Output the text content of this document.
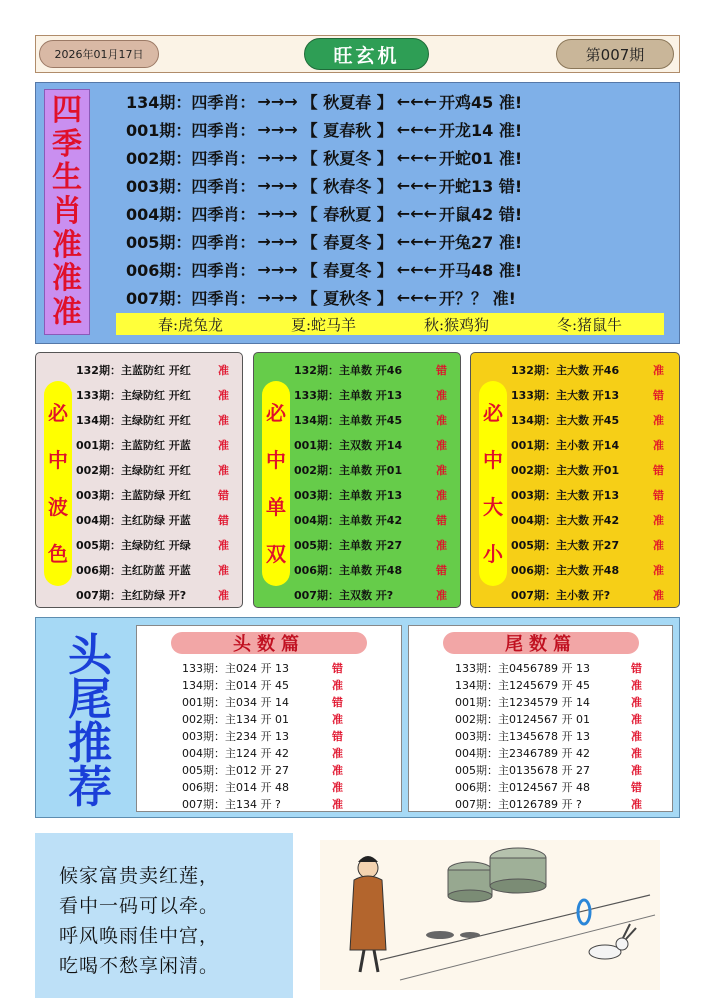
2026年01月17日	旺玄机	第007期
四
季
生
肖
准
准
准
134期：四季肖： →→→ 【 秋夏春 】 ←←← 开鸡45 准!
001期：四季肖： →→→ 【 夏春秋 】 ←←← 开龙14 准!
002期：四季肖： →→→ 【 秋夏冬 】 ←←← 开蛇01 准!
003期：四季肖： →→→ 【 秋春冬 】 ←←← 开蛇13 错!
004期：四季肖： →→→ 【 春秋夏 】 ←←← 开鼠42 错!
005期：四季肖： →→→ 【 春夏冬 】 ←←← 开兔27 准!
006期：四季肖： →→→ 【 春夏冬 】 ←←← 开马48 准!
007期：四季肖： →→→ 【 夏秋冬 】 ←←← 开？？ 准!
春:虎兔龙	夏:蛇马羊	秋:猴鸡狗	冬:猪鼠牛
必
中
波
色
132期：主蓝防红 开红 准
133期：主绿防红 开红 准
134期：主绿防红 开红 准
001期：主蓝防红 开蓝 准
002期：主绿防红 开红 准
003期：主蓝防绿 开红 错
004期：主红防绿 开蓝 错
005期：主绿防红 开绿 准
006期：主红防蓝 开蓝 准
007期：主红防绿 开?	准
必
中
单
双
132期：主单数 开46	错
133期：主单数 开13	准
134期：主单数 开45	准
001期：主双数 开14	准
002期：主单数 开01	准
003期：主单数 开13	准
004期：主单数 开42	错
005期：主单数 开27	准
006期：主单数 开48	错
007期：主双数 开?	准
必
中
大
小
132期：主大数 开46	准
133期：主大数 开13	错
134期：主大数 开45	准
001期：主小数 开14	准
002期：主大数 开01	错
003期：主大数 开13	错
004期：主大数 开42	准
005期：主大数 开27	准
006期：主大数 开48	准
007期：主小数 开?	准
头
尾
推
荐
头数篇
133期：主024 开 13	错
134期：主014 开 45	准
001期：主034 开 14	错
002期：主134 开 01	准
003期：主234 开 13	错
004期：主124 开 42	准
005期：主012 开 27	准
006期：主014 开 48	准
007期：主134 开 ?	准
尾数篇
133期：主0456789 开 13	错
134期：主1245679 开 45	准
001期：主1234579 开 14	准
002期：主0124567 开 01	准
003期：主1345678 开 13	准
004期：主2346789 开 42	准
005期：主0135678 开 27	准
006期：主0124567 开 48	错
007期：主0126789 开 ?	准
候家富贵卖红莲，
看中一码可以牵。
呼风唤雨佳中宫，
吃喝不愁享闲清。
